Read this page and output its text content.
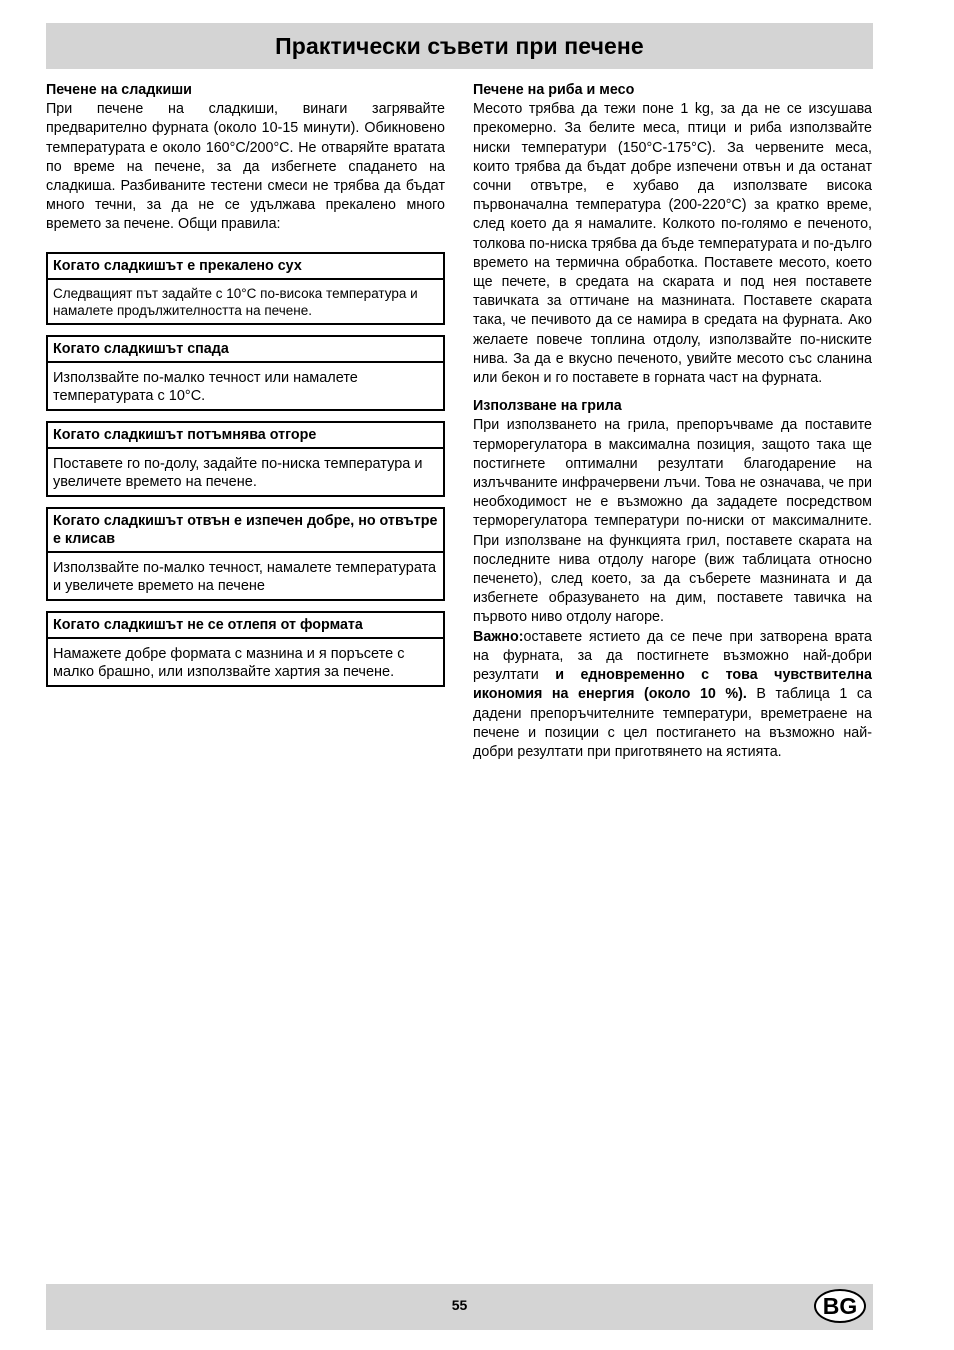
Практически съвети при печене
Печене на сладкиши

При печене на сладкиши, винаги загрявайте предварително фурната (около 10-15 минути). Обикновено температурата е около 160°С/200°С. Не отваряйте вратата по време на печене, за да избегнете спадането на сладкиша. Разбиваните тестени смеси не трябва да бъдат много течни, за да не се удължава прекалено много времето за печене. Общи правила:

Когато сладкишът е прекалено сух
Следващият път задайте с 10°С по-висока температура и намалете продължителността на печене.
Когато сладкишът спада
Използвайте по-малко течност или намалете температурата с 10°С.
Когато сладкишът потъмнява отгоре
Поставете го по-долу, задайте по-ниска температура и увеличете времето на печене.
Когато сладкишът отвън е изпечен добре, но отвътре е клисав
Използвайте по-малко течност, намалете температурата и увеличете времето на печене
Когато сладкишът не се отлепя от формата
Намажете добре формата с мазнина и я поръсете с малко брашно, или използвайте хартия за печене.
Печене на риба и месо

Месото трябва да тежи поне 1 kg, за да не се изсушава прекомерно. За белите меса, птици и риба използвайте ниски температури (150°С-175°С). За червените меса, които трябва да бъдат добре изпечени отвън и да останат сочни отвътре, е хубаво да използвате висока първоначална температура (200-220°С) за кратко време, след което да я намалите. Колкото по-голямо е печеното, толкова по-ниска трябва да бъде температурата и по-дълго времето на термична обработка. Поставете месото, което ще печете, в средата на скарата и под нея поставете тавичката за оттичане на мазнината. Поставете скарата така, че печивото да се намира в средата на фурната. Ако желаете повече топлина отдолу, използвайте по-ниските нива. За да е вкусно печеното, увийте месото със сланина или бекон и го поставете в горната част на фурната.

Използване на грила

При използването на грила, препоръчваме да поставите терморегулатора в максимална позиция, защото така ще постигнете оптимални резултати благодарение на излъчваните инфрачервени лъчи. Това не означава, че при необходимост не е възможно да зададете посредством терморегулатора температури по-ниски от максималните. При използване на функцията грил, поставете скарата на последните нива отдолу нагоре (виж таблицата относно печенето), след което, за да съберете мазнината и да избегнете образуването на дим, поставете тавичка на първото ниво отдолу нагоре.

Важно:оставете ястието да се пече при затворена врата на фурната, за да постигнете възможно най-добри резултати и едновременно с това чувствителна икономия на енергия (около 10 %). В таблица 1 са дадени препоръчителните температури, времетраене на печене и позиции с цел постигането на възможно най-добри резултати при приготвянето на ястията.

55	BG
